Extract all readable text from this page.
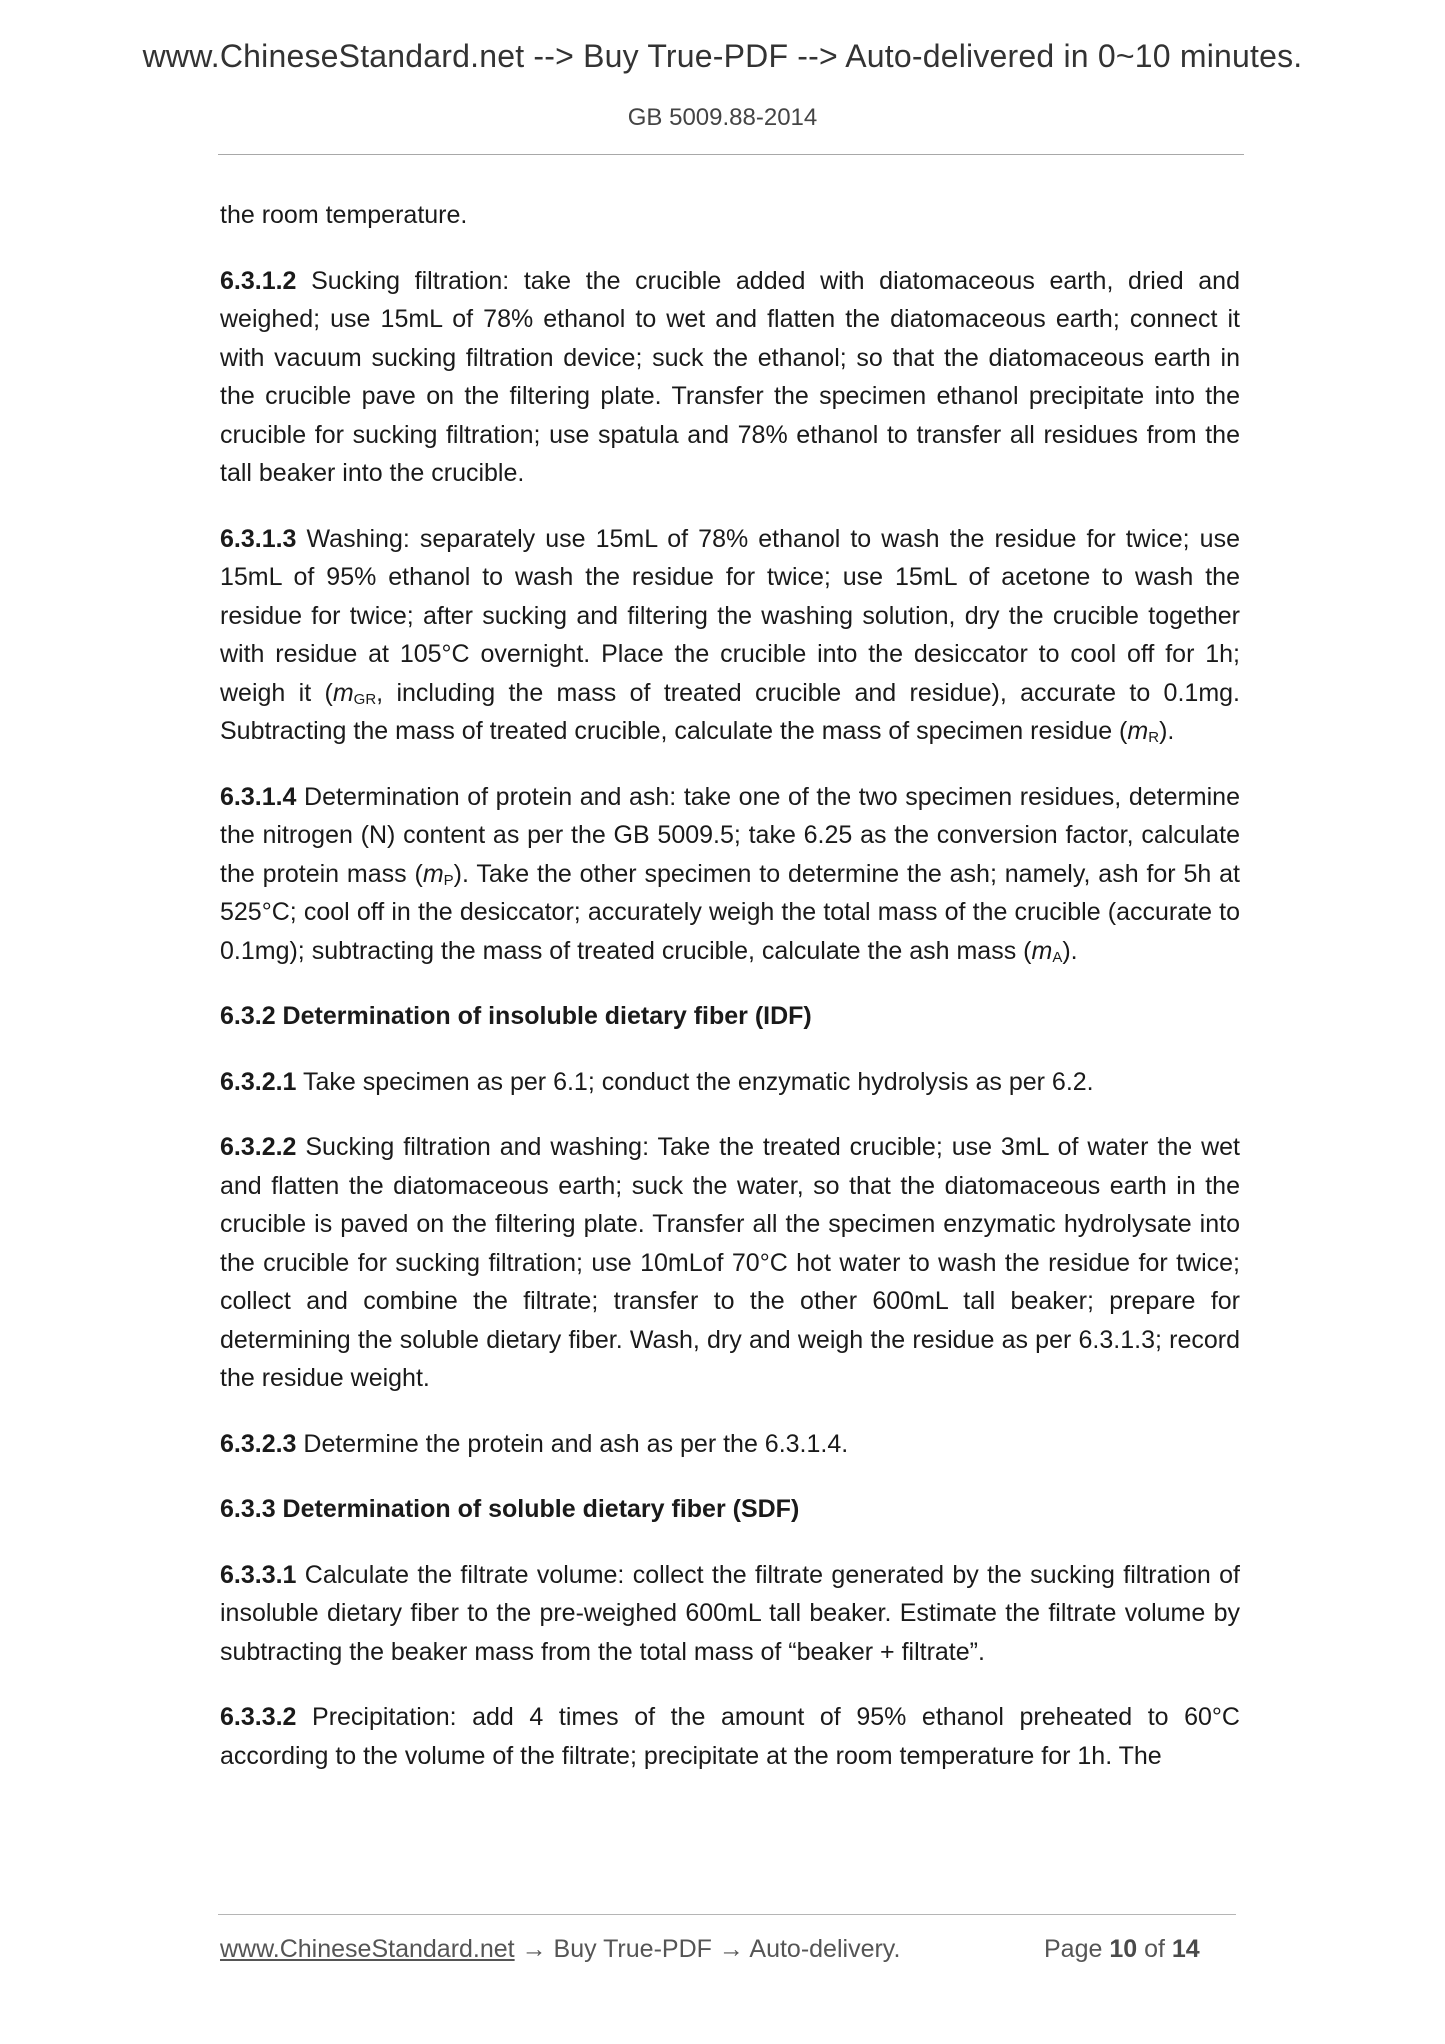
www.ChineseStandard.net --> Buy True-PDF --> Auto-delivered in 0~10 minutes.
GB 5009.88-2014

the room temperature.

6.3.1.2 Sucking filtration: take the crucible added with diatomaceous earth, dried and weighed; use 15mL of 78% ethanol to wet and flatten the diatomaceous earth; connect it with vacuum sucking filtration device; suck the ethanol; so that the diatomaceous earth in the crucible pave on the filtering plate. Transfer the specimen ethanol precipitate into the crucible for sucking filtration; use spatula and 78% ethanol to transfer all residues from the tall beaker into the crucible.

6.3.1.3 Washing: separately use 15mL of 78% ethanol to wash the residue for twice; use 15mL of 95% ethanol to wash the residue for twice; use 15mL of acetone to wash the residue for twice; after sucking and filtering the washing solution, dry the crucible together with residue at 105°C overnight. Place the crucible into the desiccator to cool off for 1h; weigh it ($m_{GR}$, including the mass of treated crucible and residue), accurate to 0.1mg. Subtracting the mass of treated crucible, calculate the mass of specimen residue $(m_R)$.

6.3.1.4 Determination of protein and ash: take one of the two specimen residues, determine the nitrogen (N) content as per the GB 5009.5; take 6.25 as the conversion factor, calculate the protein mass $(m_P)$. Take the other specimen to determine the ash; namely, ash for 5h at 525°C; cool off in the desiccator; accurately weigh the total mass of the crucible (accurate to 0.1mg); subtracting the mass of treated crucible, calculate the ash mass $(m_A)$.

6.3.2 Determination of insoluble dietary fiber (IDF)

6.3.2.1 Take specimen as per 6.1; conduct the enzymatic hydrolysis as per 6.2.

6.3.2.2 Sucking filtration and washing: Take the treated crucible; use 3mL of water the wet and flatten the diatomaceous earth; suck the water, so that the diatomaceous earth in the crucible is paved on the filtering plate. Transfer all the specimen enzymatic hydrolysate into the crucible for sucking filtration; use 10mLof 70°C hot water to wash the residue for twice; collect and combine the filtrate; transfer to the other 600mL tall beaker; prepare for determining the soluble dietary fiber. Wash, dry and weigh the residue as per 6.3.1.3; record the residue weight.

6.3.2.3 Determine the protein and ash as per the 6.3.1.4.

6.3.3 Determination of soluble dietary fiber (SDF)

6.3.3.1 Calculate the filtrate volume: collect the filtrate generated by the sucking filtration of insoluble dietary fiber to the pre-weighed 600mL tall beaker. Estimate the filtrate volume by subtracting the beaker mass from the total mass of “beaker + filtrate”.

6.3.3.2 Precipitation: add 4 times of the amount of 95% ethanol preheated to 60°C according to the volume of the filtrate; precipitate at the room temperature for 1h. The

www.ChineseStandard.net → Buy True-PDF → Auto-delivery.	Page 10 of 14
